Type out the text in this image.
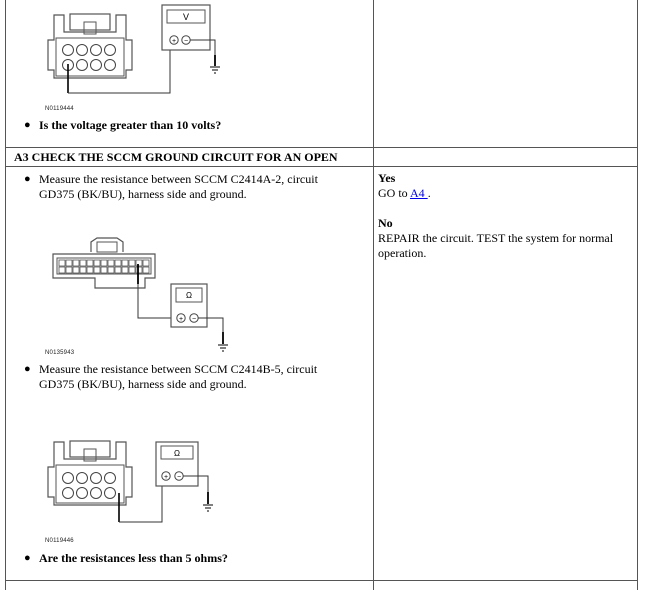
V
+ −
N0119444
● Is the voltage greater than 10 volts?
A3 CHECK THE SCCM GROUND CIRCUIT FOR AN OPEN
● Measure the resistance between SCCM C2414A-2, circuit
GD375 (BK/BU), harness side and ground.
Ω
+ −
N0135943
● Measure the resistance between SCCM C2414B-5, circuit
GD375 (BK/BU), harness side and ground.
Ω
+ −
N0119446
● Are the resistances less than 5 ohms?
Yes
GO to A4 .
No
REPAIR the circuit. TEST the system for normal
operation.
